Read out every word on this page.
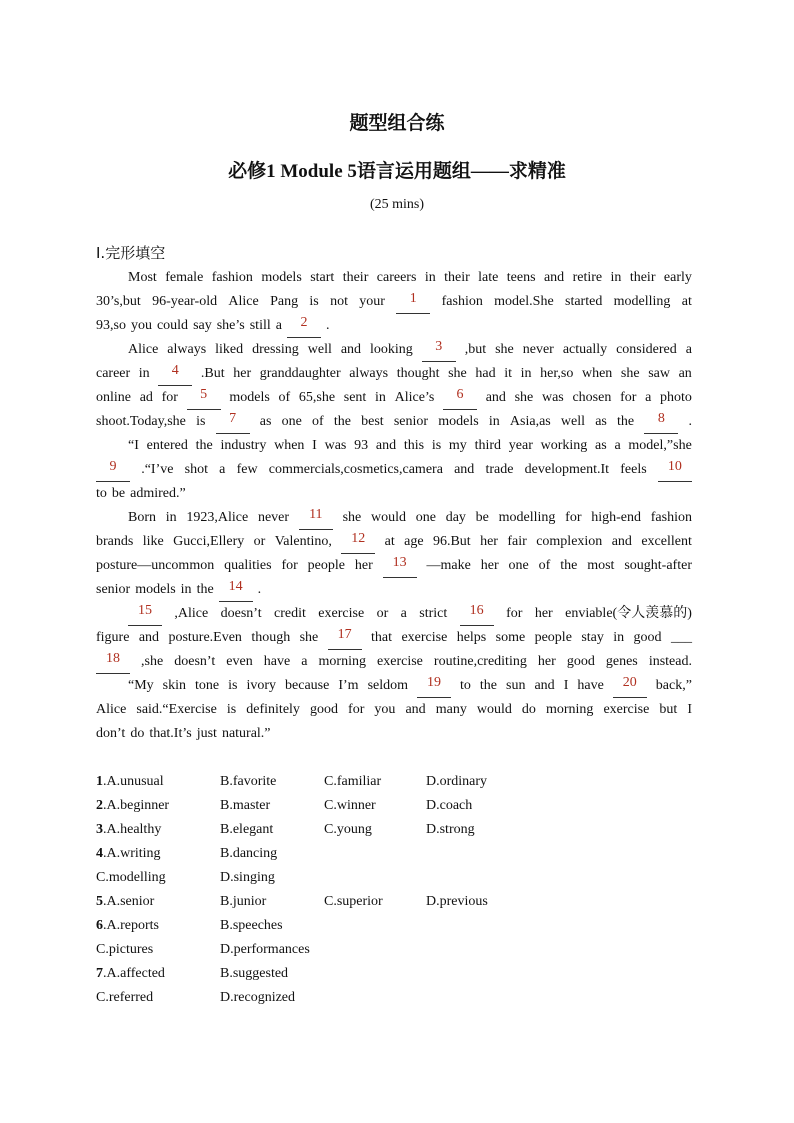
题型组合练
必修1 Module 5语言运用题组——求精准
(25 mins)
Ⅰ.完形填空
Most female fashion models start their careers in their late teens and retire in their early
30’s,but 96-year-old Alice Pang is not your	1	fashion model.She started modelling at
93,so you could say she’s still a	2	.
Alice always liked dressing well and looking	3	,but she never actually considered a
career in	4	.But her granddaughter always thought she had it in her,so when she saw an
online ad for	5	models of 65,she sent in Alice’s	6	and she was chosen for a photo
shoot.Today,she is	7	as one of the best senior models in Asia,as well as the	8	.
“I entered the industry when I was 93 and this is my third year working as a model,”she
9	.“I’ve shot a few commercials,cosmetics,camera and trade development.It feels	10
to be admired.”
Born in 1923,Alice never	11	she would one day be modelling for high-end fashion
brands like Gucci,Ellery or Valentino,	12	at age 96.But her fair complexion and excellent
posture—uncommon qualities for people her	13	—make her one of the most sought-after
senior models in the	14	.
15	,Alice doesn’t credit exercise or a strict	16	for her enviable(令人羡慕的)
figure and posture.Even though she	17	that exercise helps some people stay in good ___
18	,she doesn’t even have a morning exercise routine,crediting her good genes instead.
“My skin tone is ivory because I’m seldom	19	to the sun and I have	20	back,”
Alice said.“Exercise is definitely good for you and many would do morning exercise but I
don’t do that.It’s just natural.”
1.A.unusual	B.favorite	C.familiar	D.ordinary
2.A.beginner	B.master	C.winner	D.coach
3.A.healthy	B.elegant	C.young	D.strong
4.A.writing	B.dancing
C.modelling	D.singing
5.A.senior	B.junior	C.superior	D.previous
6.A.reports	B.speeches
C.pictures	D.performances
7.A.affected	B.suggested
C.referred	D.recognized
